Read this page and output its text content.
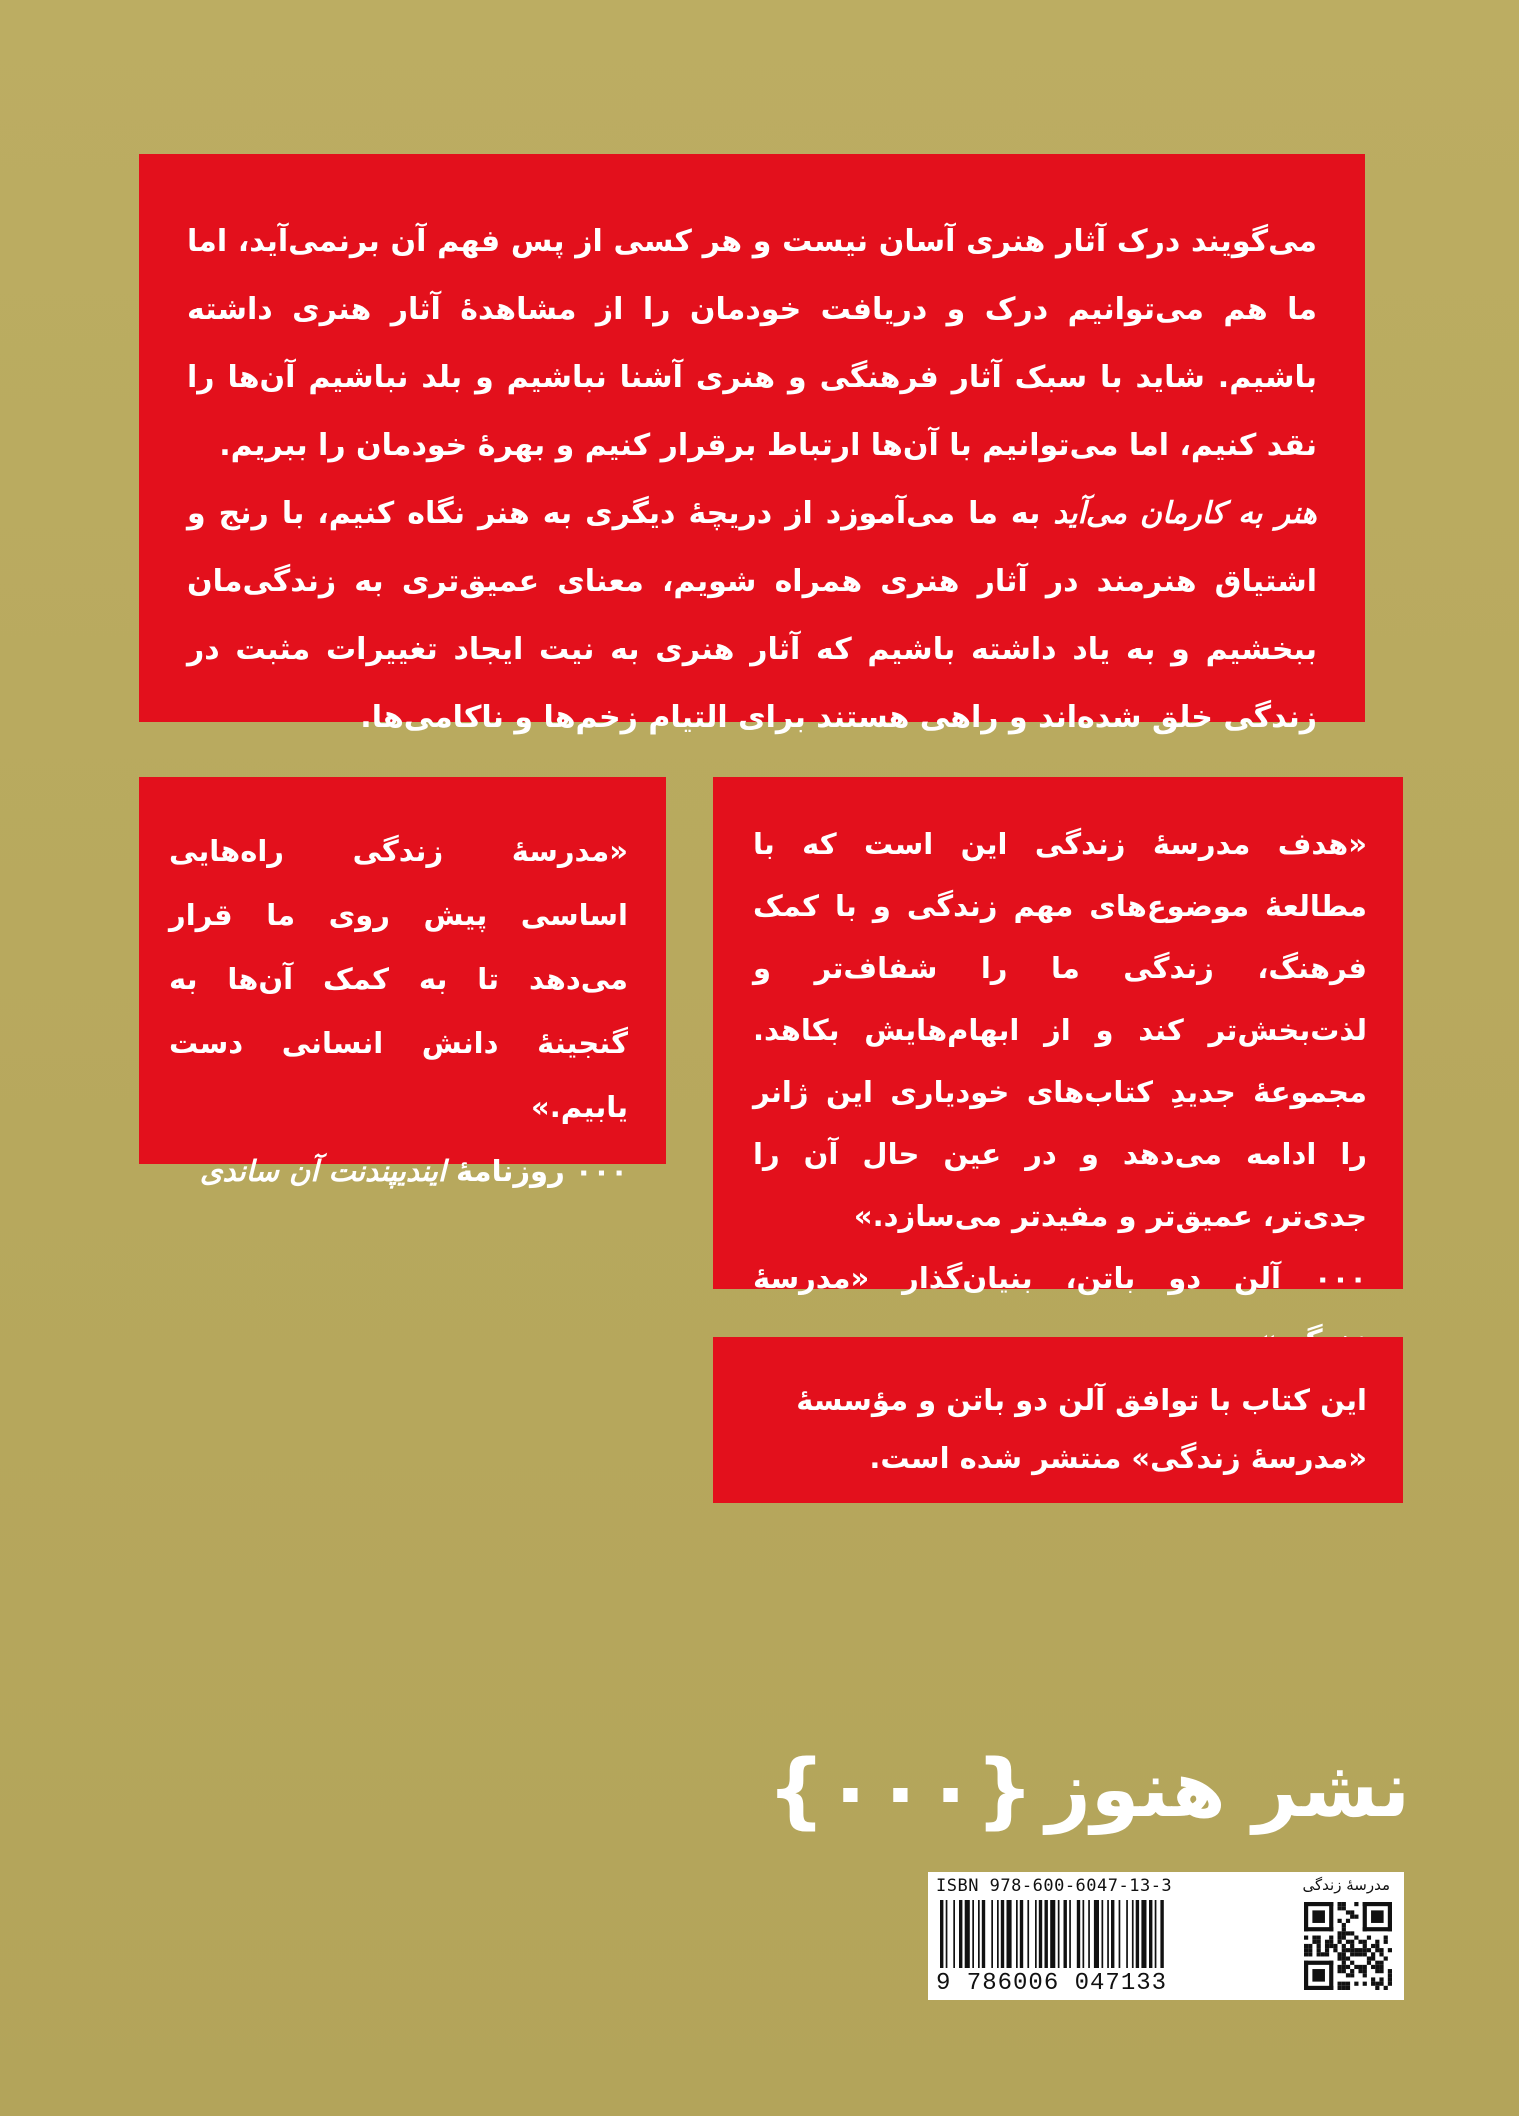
می‌گویند درک آثار هنری آسان نیست و هر کسی از پس فهم آن برنمی‌آید، اما ما هم می‌توانیم درک و دریافت خودمان را از مشاهدهٔ آثار هنری داشته باشیم. شاید با سبک آثار فرهنگی و هنری آشنا نباشیم و بلد نباشیم آن‌ها را نقد کنیم، اما می‌توانیم با آن‌ها ارتباط برقرار کنیم و بهرهٔ خودمان را ببریم.

هنر به کارمان می‌آید به ما می‌آموزد از دریچهٔ دیگری به هنر نگاه کنیم، با رنج و اشتیاق هنرمند در آثار هنری همراه شویم، معنای عمیق‌تری به زندگی‌مان ببخشیم و به یاد داشته باشیم که آثار هنری به نیت ایجاد تغییرات مثبت در زندگی خلق شده‌اند و راهی هستند برای التیام زخم‌ها و ناکامی‌ها.

«مدرسهٔ زندگی راه‌هایی اساسی پیش روی ما قرار می‌دهد تا به کمک آن‌ها به گنجینهٔ دانش انسانی دست یابیم.»

٠٠٠ روزنامهٔ ایندیپندنت آن ساندی

«هدف مدرسهٔ زندگی این است که با مطالعهٔ موضوع‌های مهم زندگی و با کمک فرهنگ، زندگی ما را شفاف‌تر و لذت‌بخش‌تر کند و از ابهام‌هایش بکاهد. مجموعهٔ جدیدِ کتاب‌های خودیاری این ژانر را ادامه می‌دهد و در عین حال آن را جدی‌تر، عمیق‌تر و مفیدتر می‌سازد.»

٠٠٠ آلن دو باتن، بنیان‌گذار «مدرسهٔ

این کتاب با توافق آلن دو باتن و مؤسسهٔ «مدرسهٔ زندگی» منتشر شده است.

نشر هنوز
{٠٠٠}
ISBN 978-600-6047-13-3	مدرسهٔ زندگی
9 786006 047133
